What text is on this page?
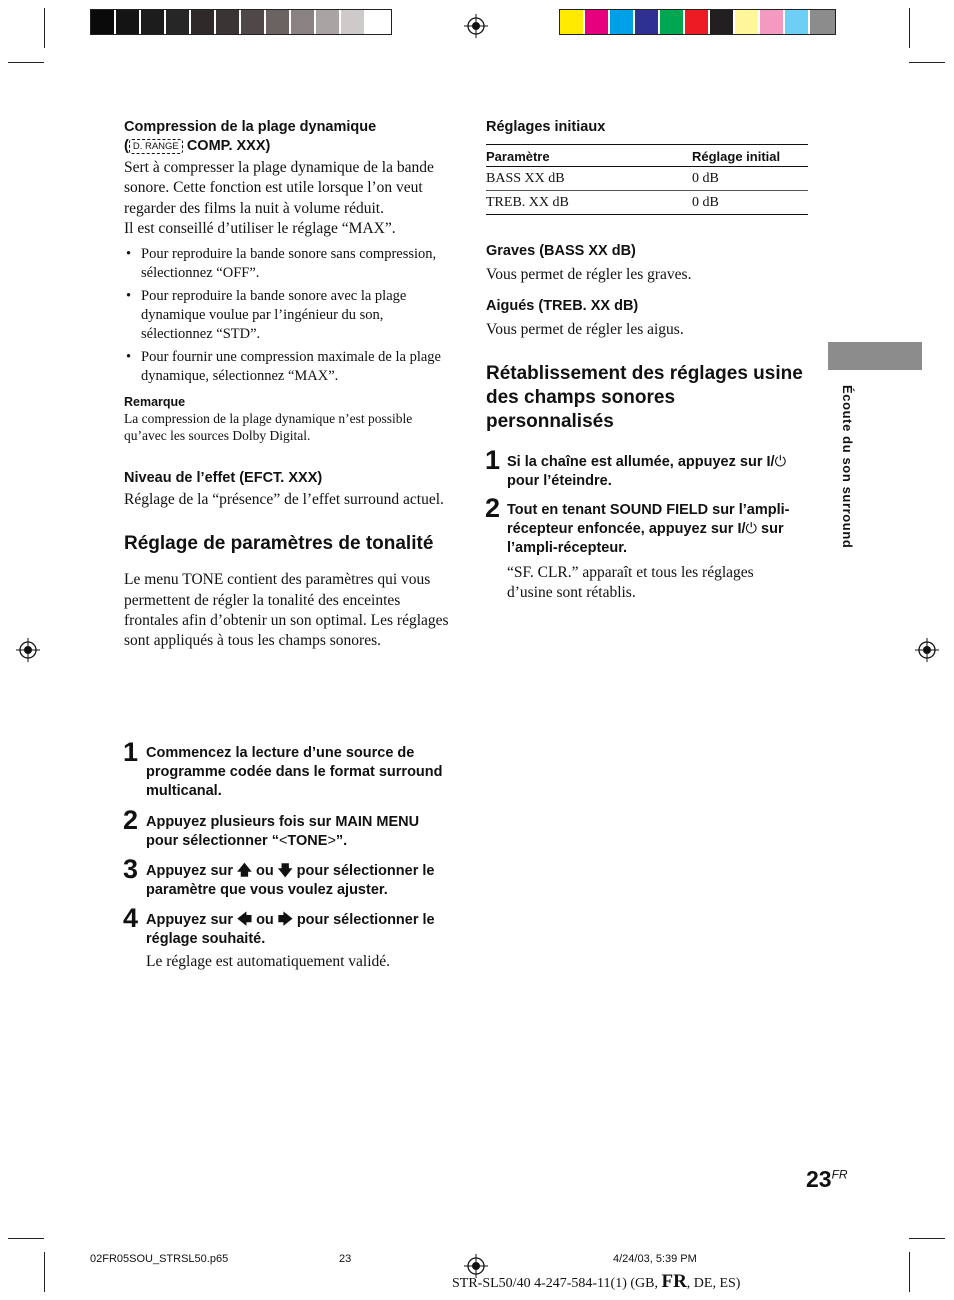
Compression de la plage dynamique
( D. RANGE COMP. XXX)
Sert à compresser la plage dynamique de la bande sonore. Cette fonction est utile lorsque l’on veut regarder des films la nuit à volume réduit.
Il est conseillé d’utiliser le réglage “MAX”.
• Pour reproduire la bande sonore sans compression, sélectionnez “OFF”.
• Pour reproduire la bande sonore avec la plage dynamique voulue par l’ingénieur du son, sélectionnez “STD”.
• Pour fournir une compression maximale de la plage dynamique, sélectionnez “MAX”.
Remarque
La compression de la plage dynamique n’est possible qu’avec les sources Dolby Digital.
Niveau de l’effet (EFCT. XXX)
Réglage de la “présence” de l’effet surround actuel.
Réglage de paramètres de tonalité
Le menu TONE contient des paramètres qui vous permettent de régler la tonalité des enceintes frontales afin d’obtenir un son optimal. Les réglages sont appliqués à tous les champs sonores.
1 Commencez la lecture d’une source de programme codée dans le format surround multicanal.
2 Appuyez plusieurs fois sur MAIN MENU pour sélectionner “<TONE>”.
3 Appuyez sur 🡅 ou 🡇 pour sélectionner le paramètre que vous voulez ajuster.
4 Appuyez sur 🡄 ou 🡆 pour sélectionner le réglage souhaité.
Le réglage est automatiquement validé.
Réglages initiaux
Paramètre	Réglage initial
BASS XX dB	0 dB
TREB. XX dB	0 dB
Graves (BASS XX dB)
Vous permet de régler les graves.
Aigués (TREB. XX dB)
Vous permet de régler les aigus.
Rétablissement des réglages usine des champs sonores personnalisés
1 Si la chaîne est allumée, appuyez sur I/⏻ pour l’éteindre.
2 Tout en tenant SOUND FIELD sur l’ampli-récepteur enfoncée, appuyez sur I/⏻ sur l’ampli-récepteur.
“SF. CLR.” apparaît et tous les réglages d’usine sont rétablis.
Écoute du son surround
$23^{FR}$
02FR05SOU_STRSL50.p65	23	4/24/03, 5:39 PM
STR-SL50/40 4-247-584-11(1) (GB, FR, DE, ES)
